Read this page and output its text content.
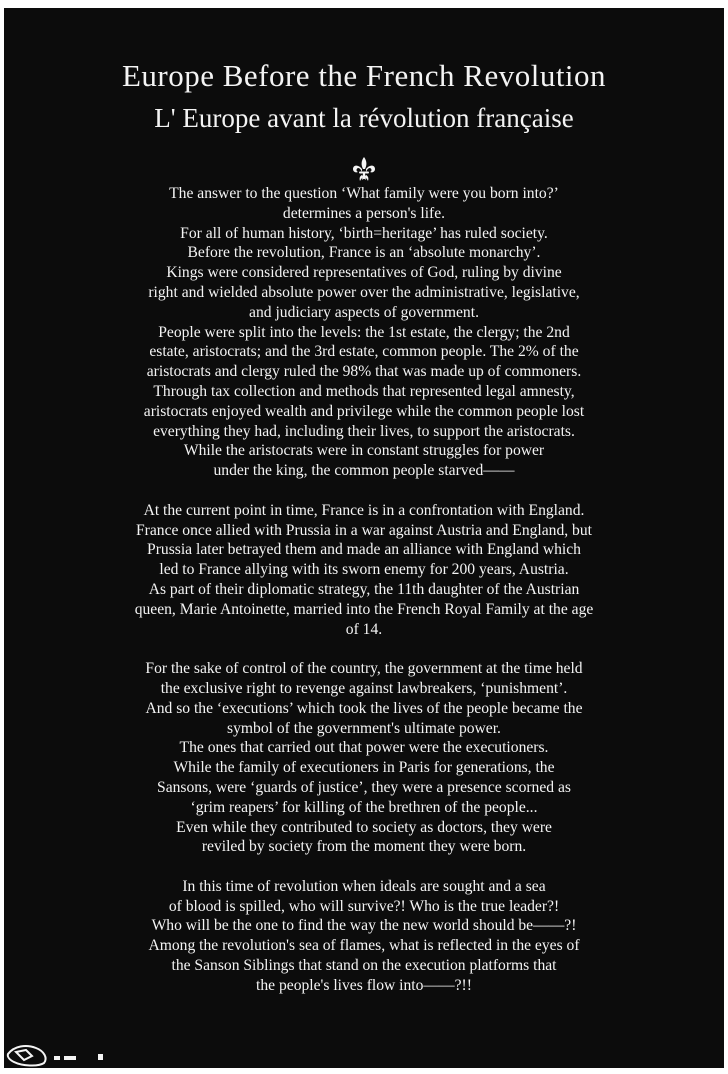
Europe Before the French Revolution
L' Europe avant la révolution française
The answer to the question ‘What family were you born into?’
determines a person's life.
For all of human history, ‘birth=heritage’ has ruled society.
Before the revolution, France is an ‘absolute monarchy’.
Kings were considered representatives of God, ruling by divine
right and wielded absolute power over the administrative, legislative,
and judiciary aspects of government.
People were split into the levels: the 1st estate, the clergy; the 2nd
estate, aristocrats; and the 3rd estate, common people. The 2% of the
aristocrats and clergy ruled the 98% that was made up of commoners.
Through tax collection and methods that represented legal amnesty,
aristocrats enjoyed wealth and privilege while the common people lost
everything they had, including their lives, to support the aristocrats.
While the aristocrats were in constant struggles for power
under the king, the common people starved——
At the current point in time, France is in a confrontation with England.
France once allied with Prussia in a war against Austria and England, but
Prussia later betrayed them and made an alliance with England which
led to France allying with its sworn enemy for 200 years, Austria.
As part of their diplomatic strategy, the 11th daughter of the Austrian
queen, Marie Antoinette, married into the French Royal Family at the age
of 14.
For the sake of control of the country, the government at the time held
the exclusive right to revenge against lawbreakers, ‘punishment’.
And so the ‘executions’ which took the lives of the people became the
symbol of the government's ultimate power.
The ones that carried out that power were the executioners.
While the family of executioners in Paris for generations, the
Sansons, were ‘guards of justice’, they were a presence scorned as
‘grim reapers’ for killing of the brethren of the people...
Even while they contributed to society as doctors, they were
reviled by society from the moment they were born.
In this time of revolution when ideals are sought and a sea
of blood is spilled, who will survive?! Who is the true leader?!
Who will be the one to find the way the new world should be——?!
Among the revolution's sea of flames, what is reflected in the eyes of
the Sanson Siblings that stand on the execution platforms that
the people's lives flow into——?!!
